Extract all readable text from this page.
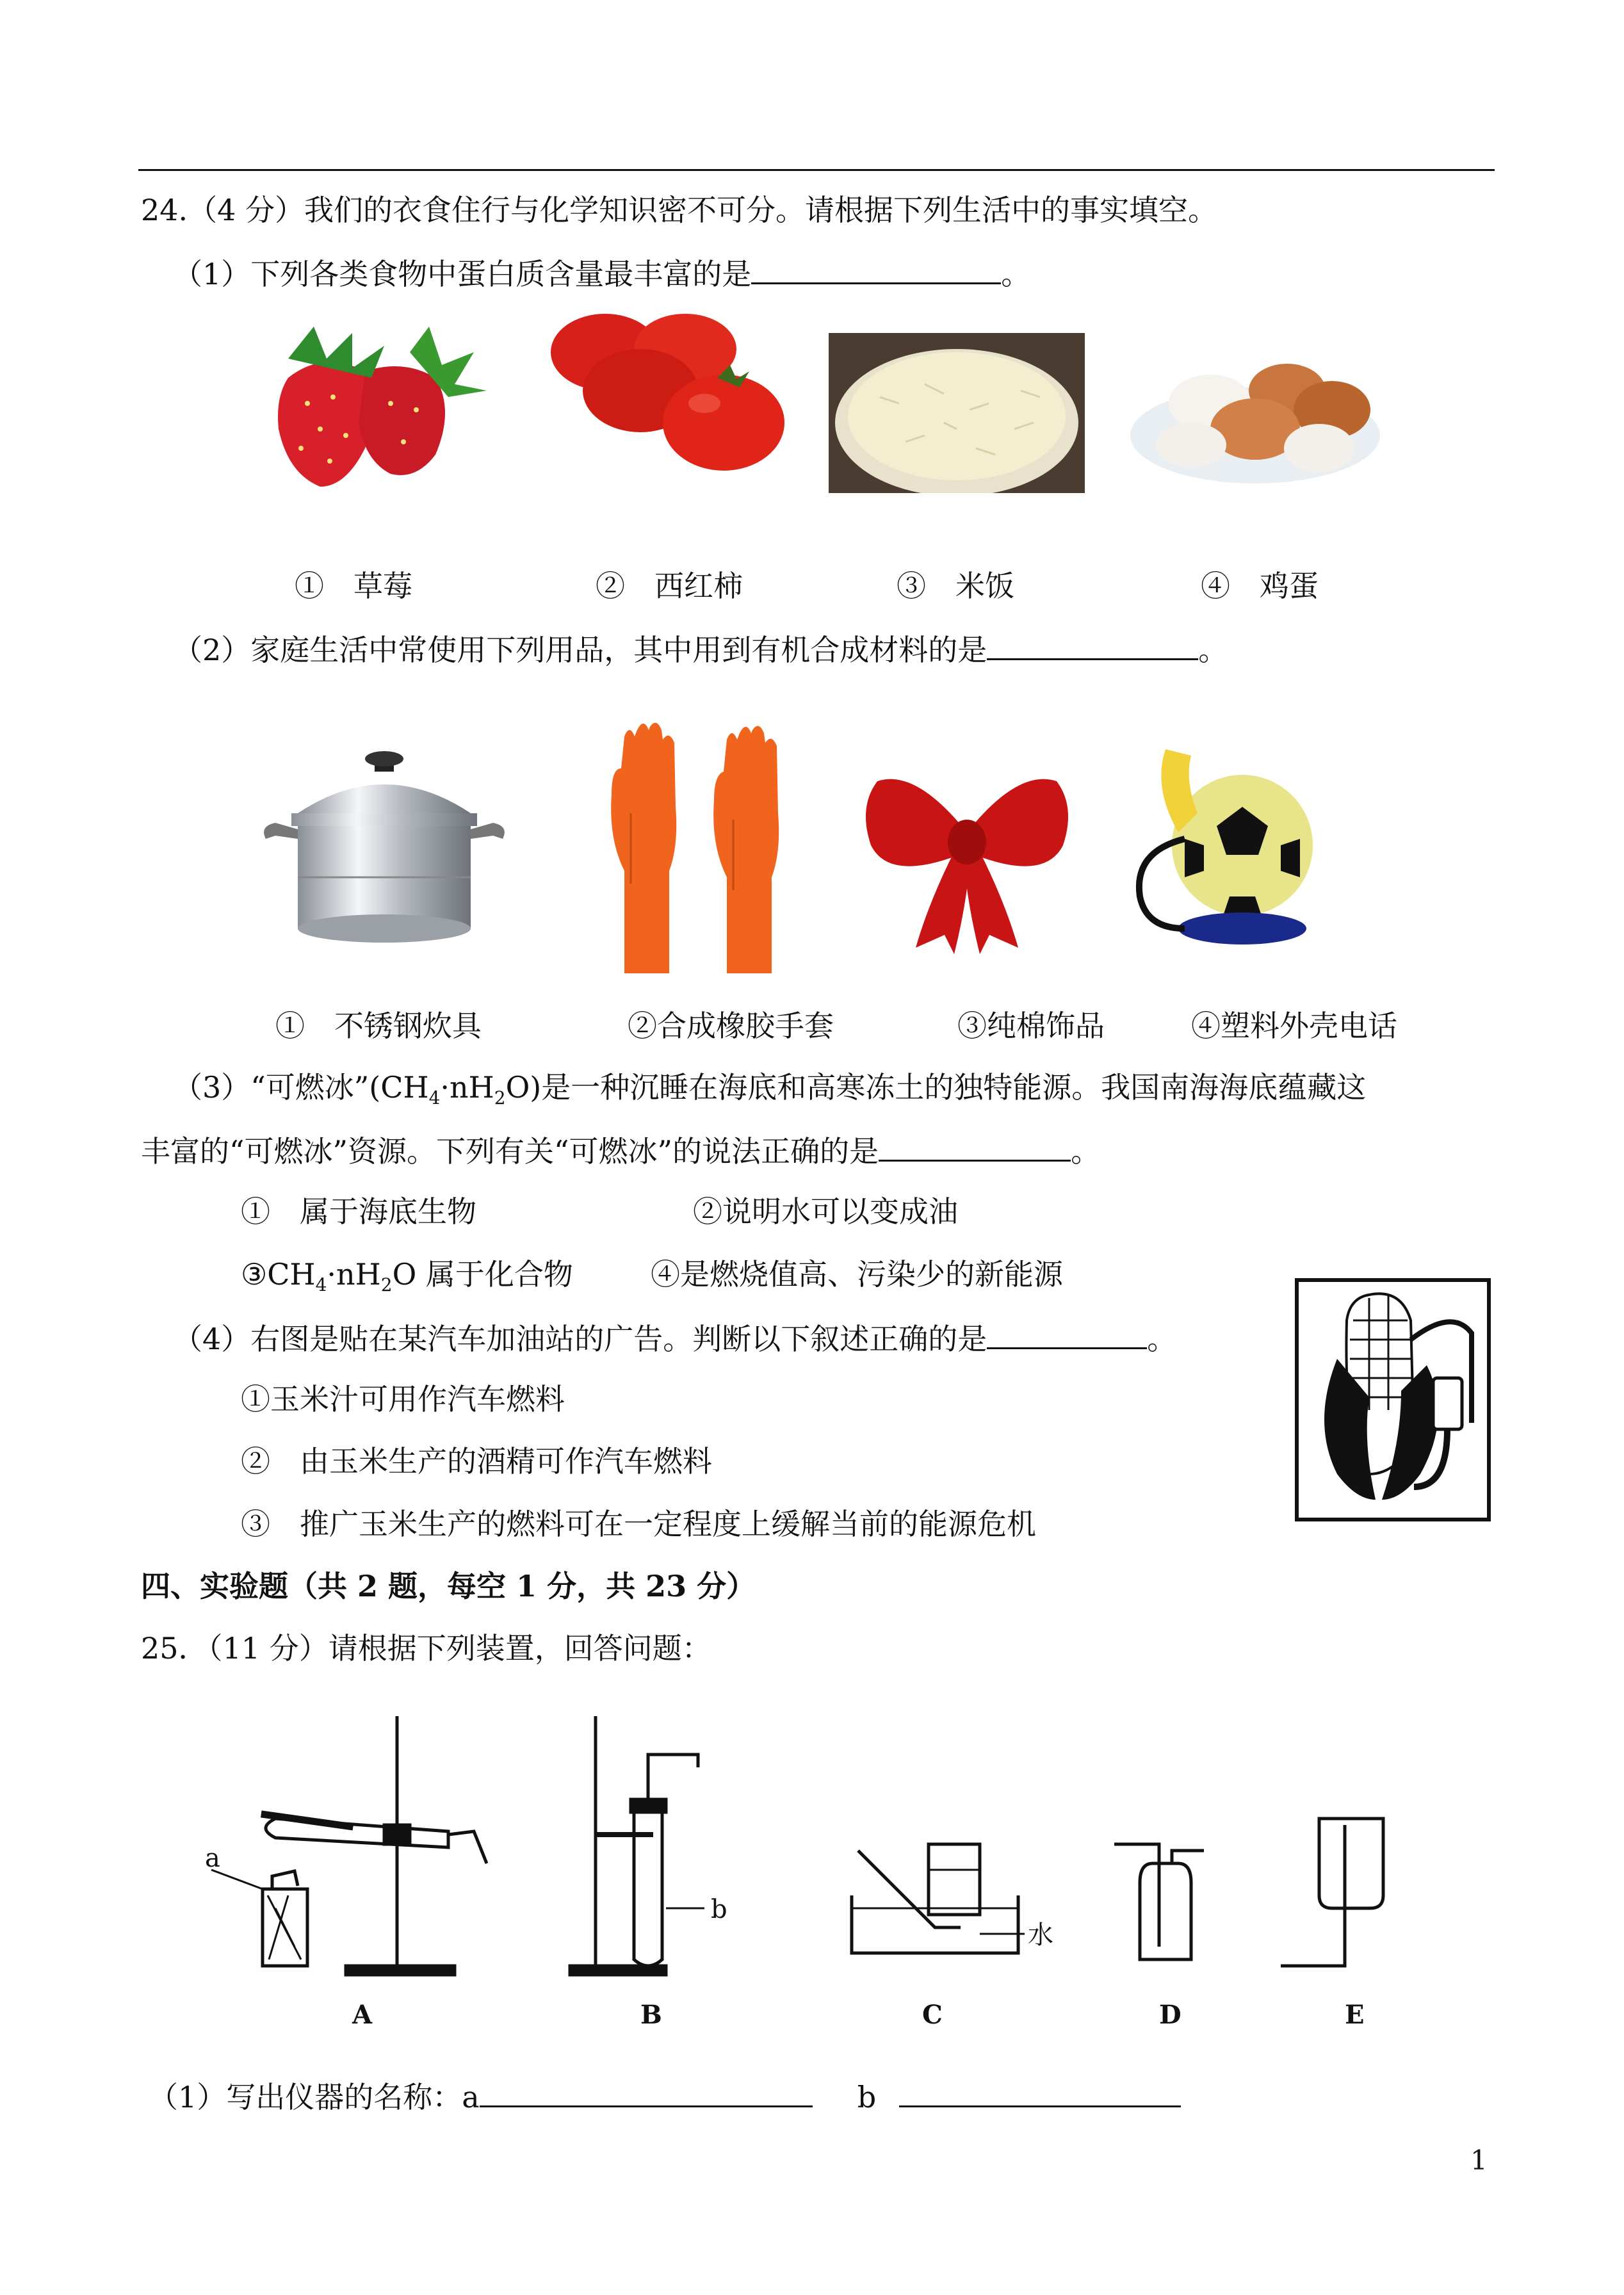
24.（4 分）我们的衣食住行与化学知识密不可分。请根据下列生活中的事实填空。
（1）下列各类食物中蛋白质含量最丰富的是	。
①　草莓	②　西红柿	③　米饭	④　鸡蛋
（2）家庭生活中常使用下列用品，其中用到有机合成材料的是	。
①　不锈钢炊具	②合成橡胶手套	③纯棉饰品	④塑料外壳电话
（3）“可燃冰$”(CH_4\cdot nH_2O)$是一种沉睡在海底和高寒冻土的独特能源。我国南海海底蕴藏这
丰富的“可燃冰”资源。下列有关“可燃冰”的说法正确的是	。
①　属于海底生物	②说明水可以变成油
$③CH_4\cdot nH_2O$ 属于化合物	④是燃烧值高、污染少的新能源
（4）右图是贴在某汽车加油站的广告。判断以下叙述正确的是	。
①玉米汁可用作汽车燃料
②　由玉米生产的酒精可作汽车燃料
③　推广玉米生产的燃料可在一定程度上缓解当前的能源危机
四、实验题（共 2 题，每空 1 分，共 23 分）
25．（11 分）请根据下列装置，回答问题：
a
A
b
B
水
C	D	E
（1）写出仪器的名称：a	b
1
